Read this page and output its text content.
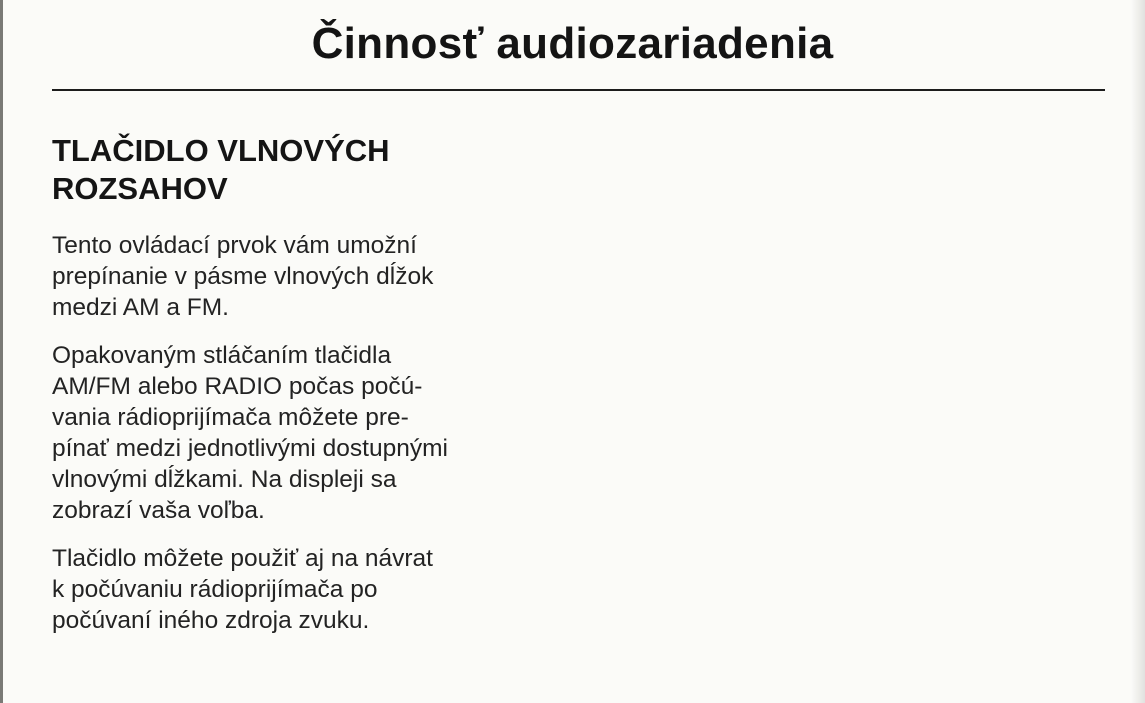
Činnosť audiozariadenia
TLAČIDLO VLNOVÝCH
ROZSAHOV

Tento ovládací prvok vám umožní
prepínanie v pásme vlnových dĺžok
medzi AM a FM.

Opakovaným stláčaním tlačidla
AM/FM alebo RADIO počas počú-
vania rádioprijímača môžete pre-
pínať medzi jednotlivými dostupnými
vlnovými dĺžkami. Na displeji sa
zobrazí vaša voľba.

Tlačidlo môžete použiť aj na návrat
k počúvaniu rádioprijímača po
počúvaní iného zdroja zvuku.
